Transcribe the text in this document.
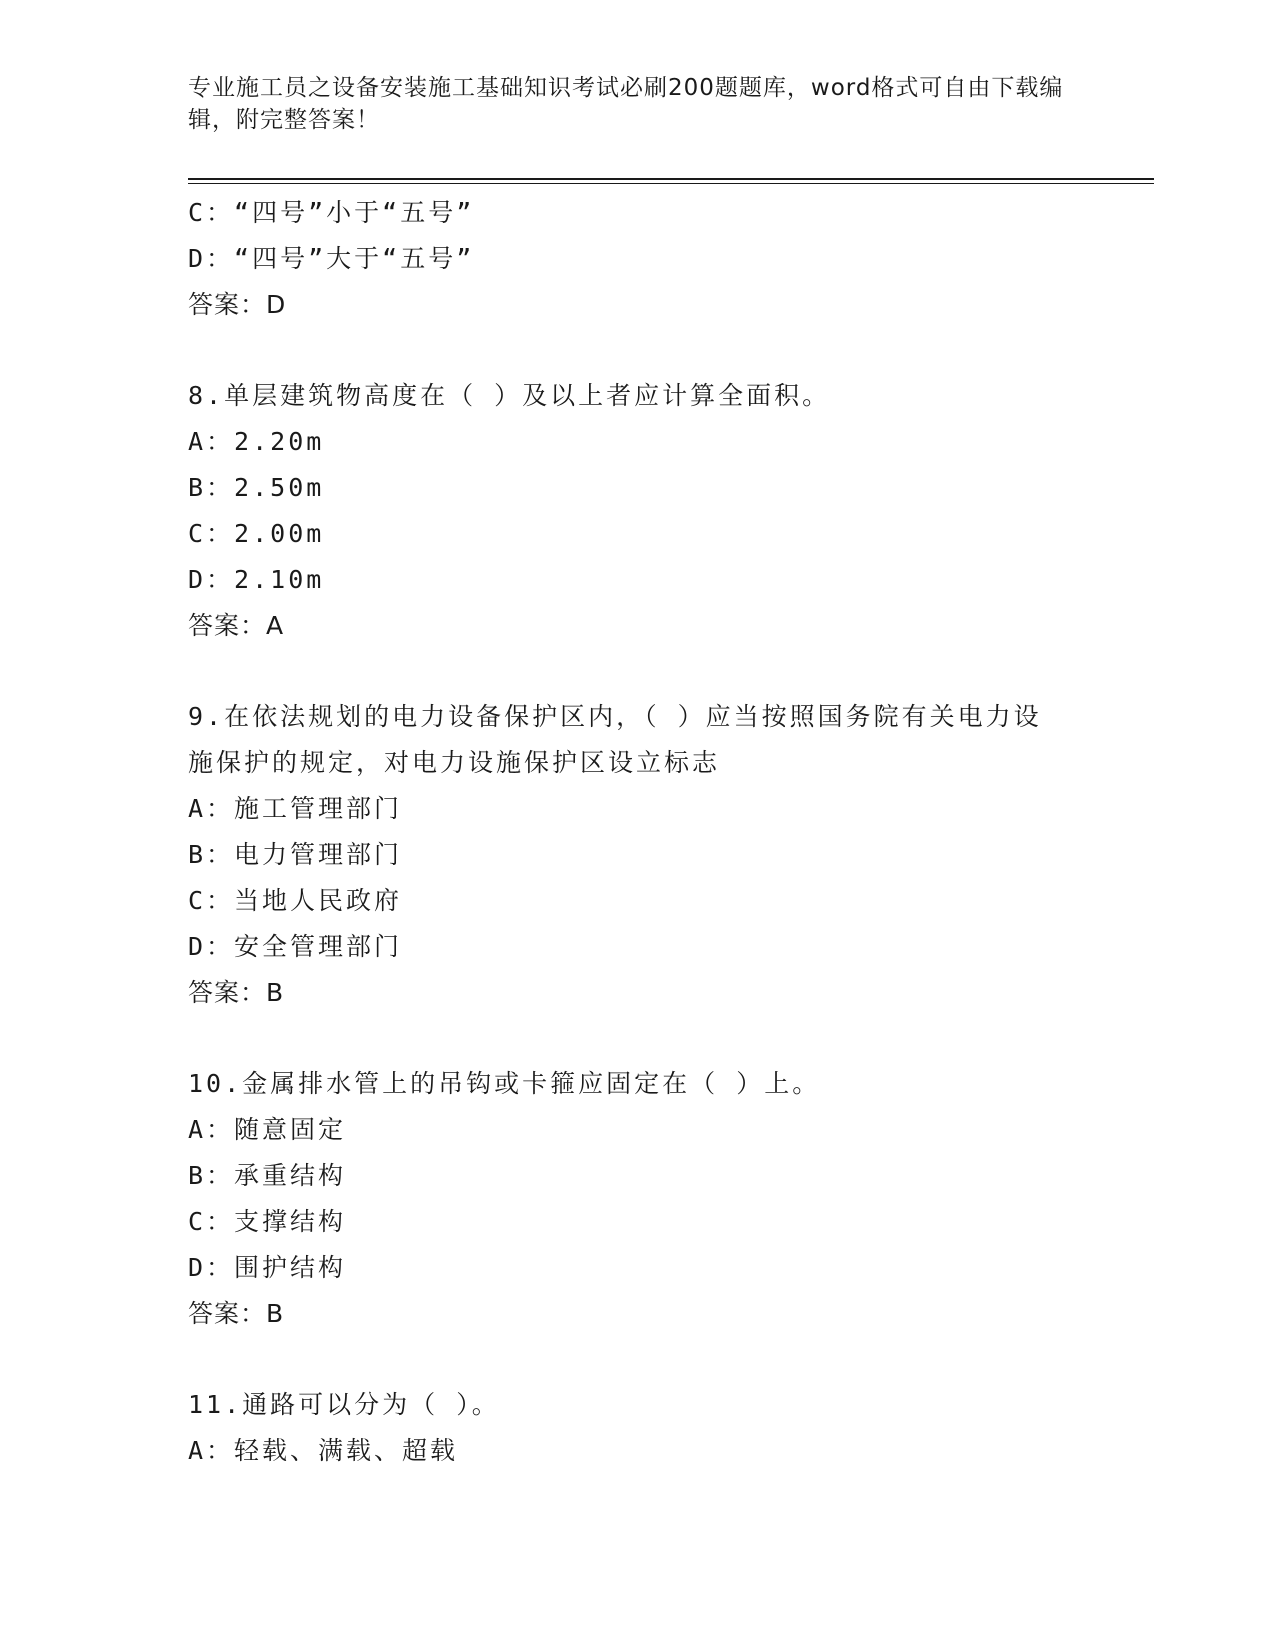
专业施工员之设备安装施工基础知识考试必刷200题题库，word格式可自由下载编辑，附完整答案！
C：“四号”小于“五号”
D：“四号”大于“五号”
答案：D
8.单层建筑物高度在（ ）及以上者应计算全面积。
A：2.20m
B：2.50m
C：2.00m
D：2.10m
答案：A
9.在依法规划的电力设备保护区内，（ ）应当按照国务院有关电力设施保护的规定，对电力设施保护区设立标志
A：施工管理部门
B：电力管理部门
C：当地人民政府
D：安全管理部门
答案：B
10.金属排水管上的吊钩或卡箍应固定在（ ）上。
A：随意固定
B：承重结构
C：支撑结构
D：围护结构
答案：B
11.通路可以分为（ ）。
A：轻载、满载、超载
